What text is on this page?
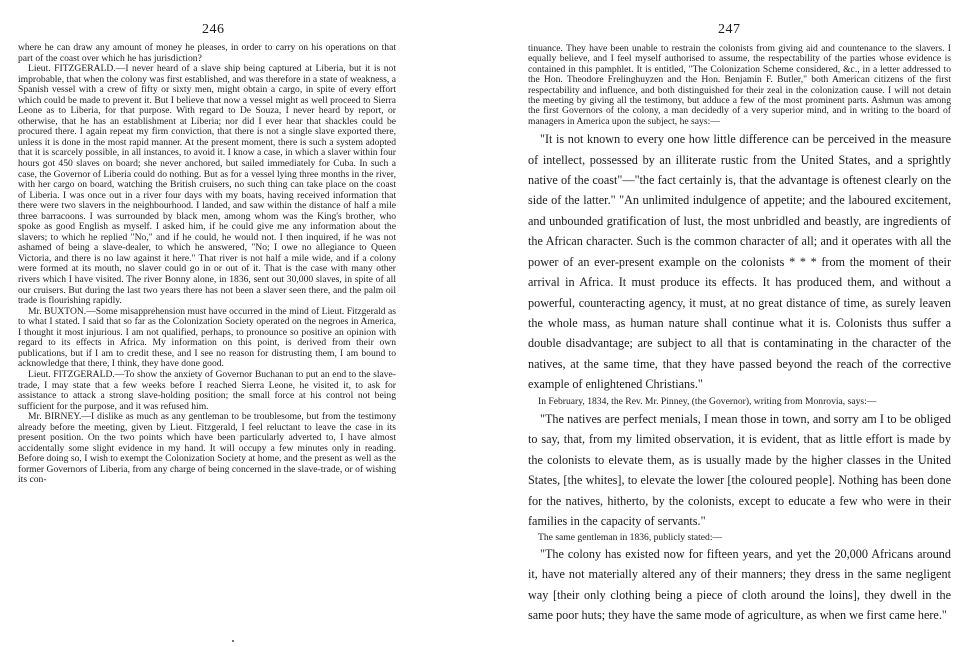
246

where he can draw any amount of money he pleases, in order to carry on his operations on that part of the coast over which he has jurisdiction?

Lieut. FITZGERALD.—I never heard of a slave ship being captured at Liberia, but it is not improbable, that when the colony was first established, and was therefore in a state of weakness, a Spanish vessel with a crew of fifty or sixty men, might obtain a cargo, in spite of every effort which could be made to prevent it. But I believe that now a vessel might as well proceed to Sierra Leone as to Liberia, for that purpose. With regard to De Souza, I never heard by report, or otherwise, that he has an establishment at Liberia; nor did I ever hear that shackles could be procured there. I again repeat my firm conviction, that there is not a single slave exported there, unless it is done in the most rapid manner. At the present moment, there is such a system adopted that it is scarcely possible, in all instances, to avoid it. I know a case, in which a slaver within four hours got 450 slaves on board; she never anchored, but sailed immediately for Cuba. In such a case, the Governor of Liberia could do nothing. But as for a vessel lying three months in the river, with her cargo on board, watching the British cruisers, no such thing can take place on the coast of Liberia. I was once out in a river four days with my boats, having received information that there were two slavers in the neighbourhood. I landed, and saw within the distance of half a mile three barracoons. I was surrounded by black men, among whom was the King's brother, who spoke as good English as myself. I asked him, if he could give me any information about the slavers; to which he replied "No," and if he could, he would not. I then inquired, if he was not ashamed of being a slave-dealer, to which he answered, "No; I owe no allegiance to Queen Victoria, and there is no law against it here." That river is not half a mile wide, and if a colony were formed at its mouth, no slaver could go in or out of it. That is the case with many other rivers which I have visited. The river Bonny alone, in 1836, sent out 30,000 slaves, in spite of all our cruisers. But during the last two years there has not been a slaver seen there, and the palm oil trade is flourishing rapidly.

Mr. BUXTON.—Some misapprehension must have occurred in the mind of Lieut. Fitzgerald as to what I stated. I said that so far as the Colonization Society operated on the negroes in America, I thought it most injurious. I am not qualified, perhaps, to pronounce so positive an opinion with regard to its effects in Africa. My information on this point, is derived from their own publications, but if I am to credit these, and I see no reason for distrusting them, I am bound to acknowledge that there, I think, they have done good.

Lieut. FITZGERALD.—To show the anxiety of Governor Buchanan to put an end to the slave-trade, I may state that a few weeks before I reached Sierra Leone, he visited it, to ask for assistance to attack a strong slave-holding position; the small force at his control not being sufficient for the purpose, and it was refused him.

Mr. BIRNEY.—I dislike as much as any gentleman to be troublesome, but from the testimony already before the meeting, given by Lieut. Fitzgerald, I feel reluctant to leave the case in its present position. On the two points which have been particularly adverted to, I have almost accidentally some slight evidence in my hand. It will occupy a few minutes only in reading. Before doing so, I wish to exempt the Colonization Society at home, and the present as well as the former Governors of Liberia, from any charge of being concerned in the slave-trade, or of wishing its con-

247

tinuance. They have been unable to restrain the colonists from giving aid and countenance to the slavers. I equally believe, and I feel myself authorised to assume, the respectability of the parties whose evidence is contained in this pamphlet. It is entitled, "The Colonization Scheme considered, &c., in a letter addressed to the Hon. Theodore Frelinghuyzen and the Hon. Benjamin F. Butler," both American citizens of the first respectability and influence, and both distinguished for their zeal in the colonization cause. I will not detain the meeting by giving all the testimony, but adduce a few of the most prominent parts. Ashmun was among the first Governors of the colony, a man decidedly of a very superior mind, and in writing to the board of managers in America upon the subject, he says:—

"It is not known to every one how little difference can be perceived in the measure of intellect, possessed by an illiterate rustic from the United States, and a sprightly native of the coast"—"the fact certainly is, that the advantage is oftenest clearly on the side of the latter." "An unlimited indulgence of appetite; and the laboured excitement, and unbounded gratification of lust, the most unbridled and beastly, are ingredients of the African character. Such is the common character of all; and it operates with all the power of an ever-present example on the colonists * * * from the moment of their arrival in Africa. It must produce its effects. It has produced them, and without a powerful, counteracting agency, it must, at no great distance of time, as surely leaven the whole mass, as human nature shall continue what it is. Colonists thus suffer a double disadvantage; are subject to all that is contaminating in the character of the natives, at the same time, that they have passed beyond the reach of the corrective example of enlightened Christians."

In February, 1834, the Rev. Mr. Pinney, (the Governor), writing from Monrovia, says:—

"The natives are perfect menials, I mean those in town, and sorry am I to be obliged to say, that, from my limited observation, it is evident, that as little effort is made by the colonists to elevate them, as is usually made by the higher classes in the United States, [the whites], to elevate the lower [the coloured people]. Nothing has been done for the natives, hitherto, by the colonists, except to educate a few who were in their families in the capacity of servants."

The same gentleman in 1836, publicly stated:—

"The colony has existed now for fifteen years, and yet the 20,000 Africans around it, have not materially altered any of their manners; they dress in the same negligent way [their only clothing being a piece of cloth around the loins], they dwell in the same poor huts; they have the same mode of agriculture, as when we first came here."
